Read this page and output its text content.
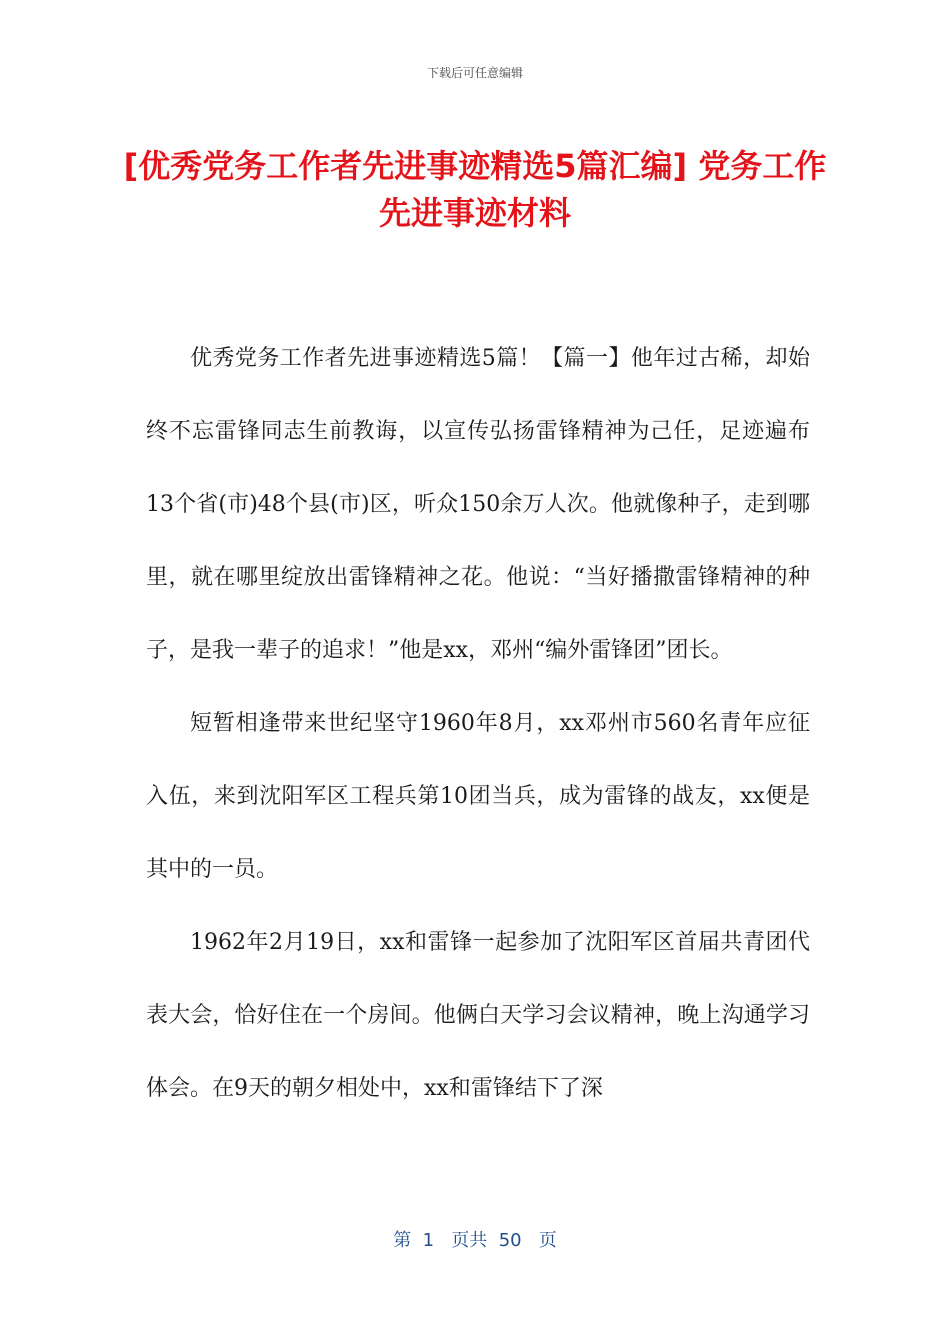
下载后可任意编辑
[优秀党务工作者先进事迹精选5篇汇编] 党务工作先进事迹材料

优秀党务工作者先进事迹精选5篇！【篇一】他年过古稀，却始终不忘雷锋同志生前教诲，以宣传弘扬雷锋精神为己任，足迹遍布13个省(市)48个县(市)区，听众150余万人次。他就像种子，走到哪里，就在哪里绽放出雷锋精神之花。他说：“当好播撒雷锋精神的种子，是我一辈子的追求！”他是xx，邓州“编外雷锋团”团长。

短暂相逢带来世纪坚守1960年8月，xx邓州市560名青年应征入伍，来到沈阳军区工程兵第10团当兵，成为雷锋的战友，xx便是其中的一员。

1962年2月19日，xx和雷锋一起参加了沈阳军区首届共青团代表大会，恰好住在一个房间。他俩白天学习会议精神，晚上沟通学习体会。在9天的朝夕相处中，xx和雷锋结下了深

第  1   页共  50   页
